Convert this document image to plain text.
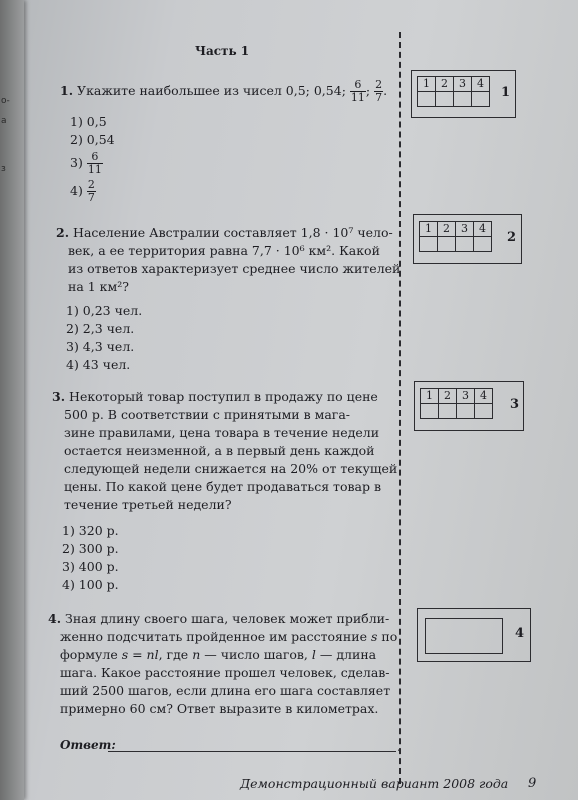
о-
а
з
Часть 1
1. Укажите наибольшее из чисел 0,5; 0,54; $\frac{6}{11}$ ; $\frac{2}{7}$ .
1) 0,5
2) 0,54
$3) \frac{6}{11}$
$4) \frac{2}{7}$
2. Население Австралии составляет 1,8 · 10⁷ чело-
век, а ее территория равна 7,7 · 10⁶ км². Какой
из ответов характеризует среднее число жителей
на 1 км²?
1) 0,23 чел.
2) 2,3 чел.
3) 4,3 чел.
4) 43 чел.
3. Некоторый товар поступил в продажу по цене
500 р. В соответствии с принятыми в мага-
зине правилами, цена товара в течение недели
остается неизменной, а в первый день каждой
следующей недели снижается на 20% от текущей
цены. По какой цене будет продаваться товар в
течение третьей недели?
1) 320 р.
2) 300 р.
3) 400 р.
4) 100 р.
4. Зная длину своего шага, человек может прибли-
женно подсчитать пройденное им расстояние s по
формуле s = nl, где n — число шагов, l — длина
шага. Какое расстояние прошел человек, сделав-
ший 2500 шагов, если длина его шага составляет
примерно 60 см? Ответ выразите в километрах.
Ответ:	.
1	2	3	4

1
1	2	3	4

2
1	2	3	4

3
4
Демонстрационный вариант 2008 года 9
